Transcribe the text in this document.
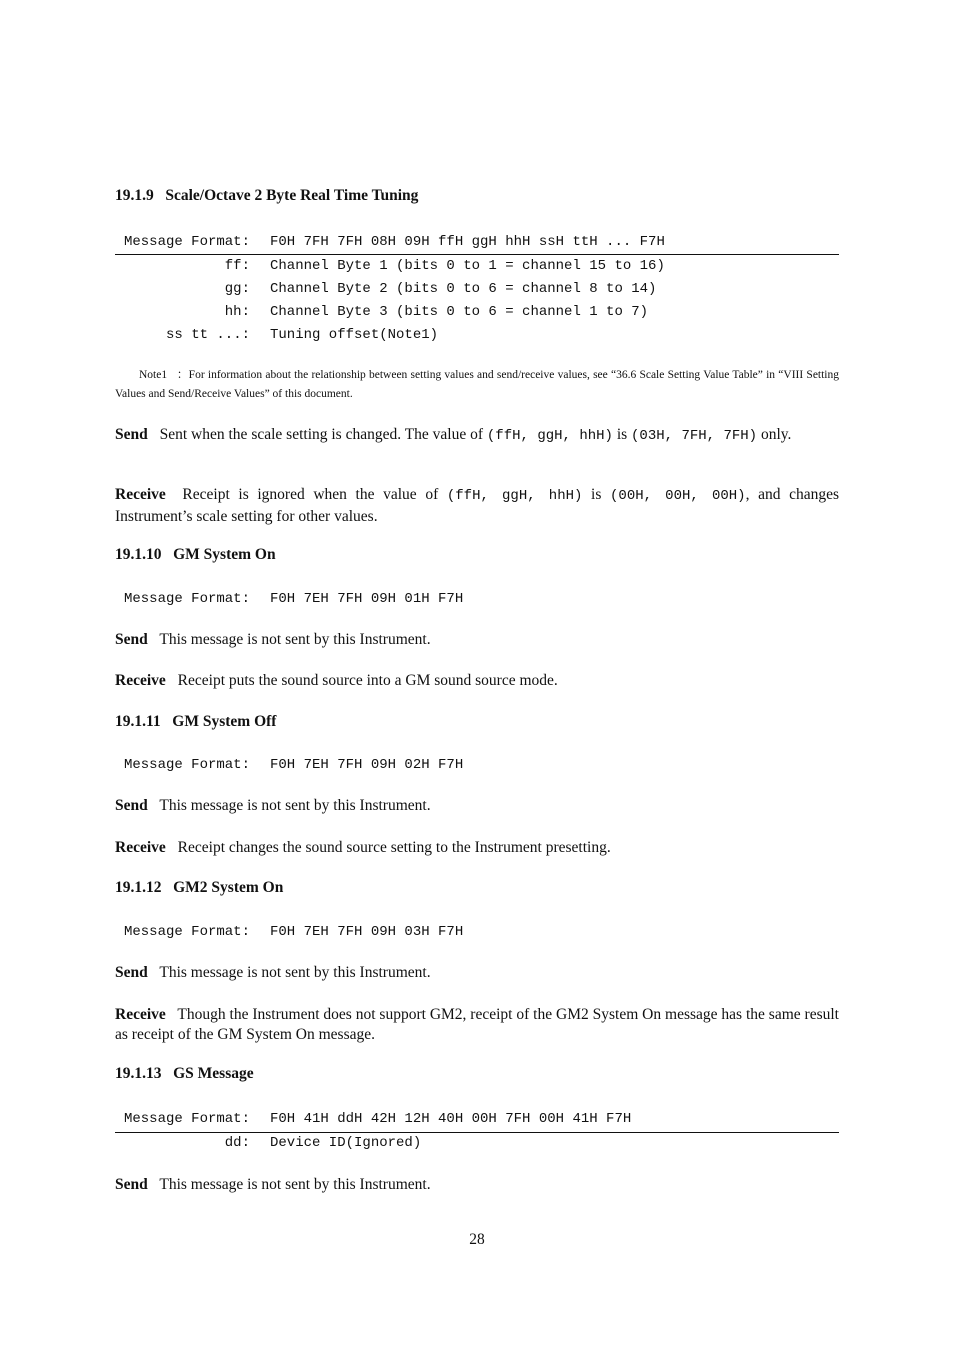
19.1.9 Scale/Octave 2 Byte Real Time Tuning
Message Format: F0H 7FH 7FH 08H 09H ffH ggH hhH ssH ttH ... F7H
ff: Channel Byte 1 (bits 0 to 1 = channel 15 to 16)
gg: Channel Byte 2 (bits 0 to 6 = channel 8 to 14)
hh: Channel Byte 3 (bits 0 to 6 = channel 1 to 7)
ss tt ...: Tuning offset(Note1)
Note1 ：For information about the relationship between setting values and send/receive values, see “36.6 Scale Setting Value Table” in “VIII Setting Values and Send/Receive Values” of this document.
Send Sent when the scale setting is changed. The value of (ffH, ggH, hhH) is (03H, 7FH, 7FH) only.
Receive Receipt is ignored when the value of (ffH, ggH, hhH) is (00H, 00H, 00H), and changes Instrument’s scale setting for other values.
19.1.10 GM System On
Message Format: F0H 7EH 7FH 09H 01H F7H
Send This message is not sent by this Instrument.
Receive Receipt puts the sound source into a GM sound source mode.
19.1.11 GM System Off
Message Format: F0H 7EH 7FH 09H 02H F7H
Send This message is not sent by this Instrument.
Receive Receipt changes the sound source setting to the Instrument presetting.
19.1.12 GM2 System On
Message Format: F0H 7EH 7FH 09H 03H F7H
Send This message is not sent by this Instrument.
Receive Though the Instrument does not support GM2, receipt of the GM2 System On message has the same result as receipt of the GM System On message.
19.1.13 GS Message
Message Format: F0H 41H ddH 42H 12H 40H 00H 7FH 00H 41H F7H
dd: Device ID(Ignored)
Send This message is not sent by this Instrument.
28
